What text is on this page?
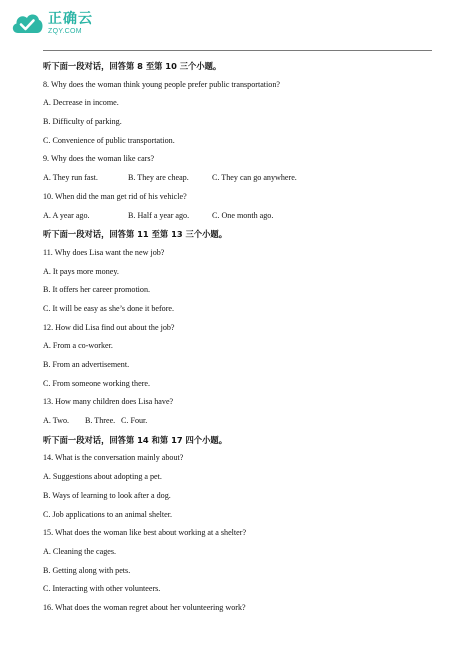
正确云
ZQY.COM
听下面一段对话，回答第 8 至第 10 三个小题。
8. Why does the woman think young people prefer public transportation?
A. Decrease in income.
B. Difficulty of parking.
C. Convenience of public transportation.
9. Why does the woman like cars?
A. They run fast.	B. They are cheap.	C. They can go anywhere.
10. When did the man get rid of his vehicle?
A. A year ago.	B. Half a year ago.	C. One month ago.
听下面一段对话，回答第 11 至第 13 三个小题。
11. Why does Lisa want the new job?
A. It pays more money.
B. It offers her career promotion.
C. It will be easy as she’s done it before.
12. How did Lisa find out about the job?
A. From a co-worker.
B. From an advertisement.
C. From someone working there.
13. How many children does Lisa have?
A. Two.	B. Three. C. Four.
听下面一段对话，回答第 14 和第 17 四个小题。
14. What is the conversation mainly about?
A. Suggestions about adopting a pet.
B. Ways of learning to look after a dog.
C. Job applications to an animal shelter.
15. What does the woman like best about working at a shelter?
A. Cleaning the cages.
B. Getting along with pets.
C. Interacting with other volunteers.
16. What does the woman regret about her volunteering work?
